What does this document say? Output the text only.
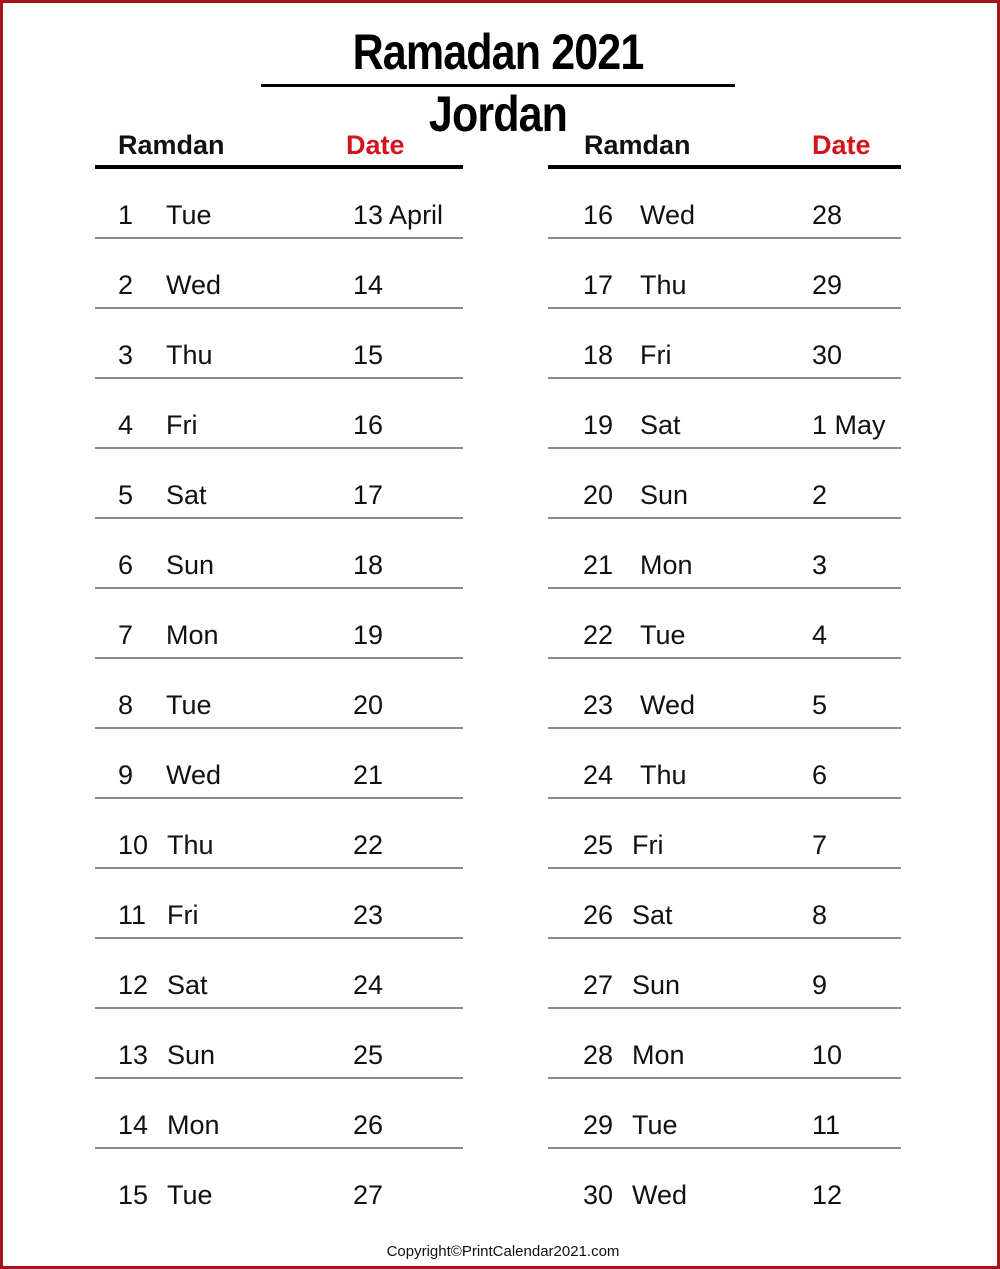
Ramadan 2021 Jordan
Ramdan	Date
1 Tue	13 April
2 Wed	14
3 Thu	15
4 Fri	16
5 Sat	17
6 Sun	18
7 Mon	19
8 Tue	20
9 Wed	21
10 Thu	22
11 Fri	23
12 Sat	24
13 Sun	25
14 Mon	26
15 Tue	27
Ramdan	Date
16 Wed	28
17 Thu	29
18 Fri	30
19 Sat	1 May
20 Sun	2
21 Mon	3
22 Tue	4
23 Wed	5
24 Thu	6
25 Fri	7
26 Sat	8
27 Sun	9
28 Mon	10
29 Tue	11
30 Wed	12
Copyright©PrintCalendar2021.com
